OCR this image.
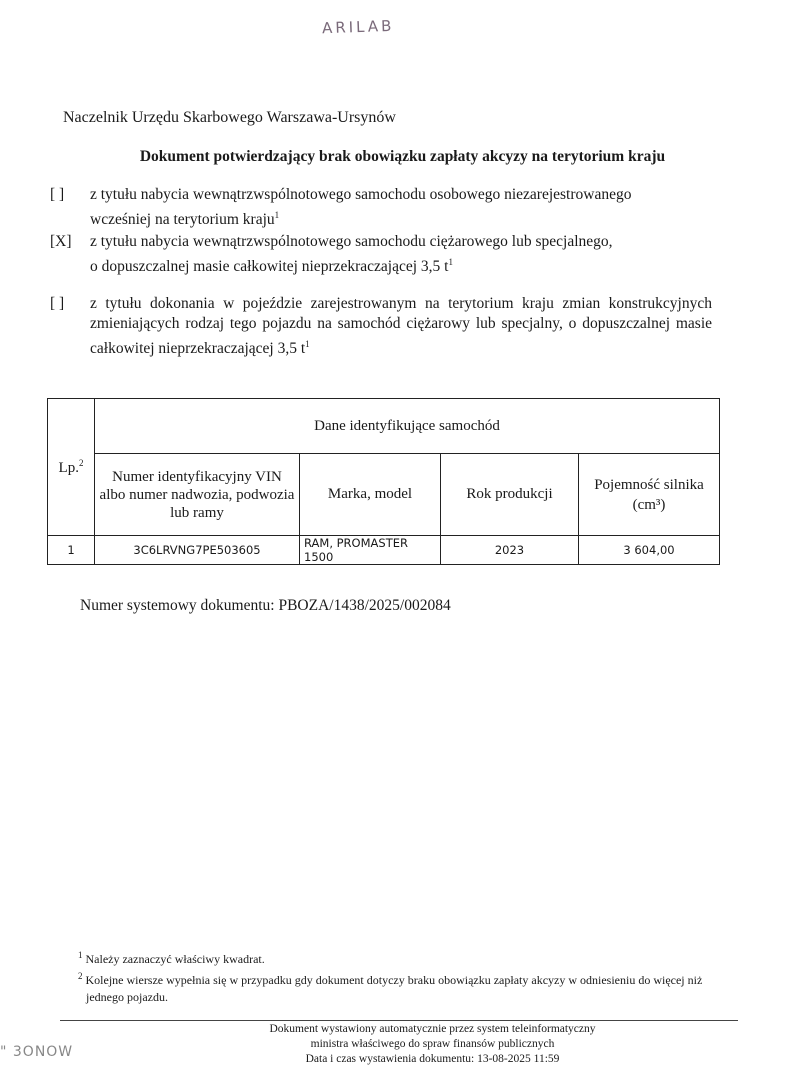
ARILAB
Naczelnik Urzędu Skarbowego Warszawa-Ursynów
Dokument potwierdzający brak obowiązku zapłaty akcyzy na terytorium kraju
[ ]	z tytułu nabycia wewnątrzwspólnotowego samochodu osobowego niezarejestrowanego
wcześniej na terytorium kraju$^1$
[X]	z tytułu nabycia wewnątrzwspólnotowego samochodu ciężarowego lub specjalnego,
o dopuszczalnej masie całkowitej nieprzekraczającej 3,5 $t^1$
[ ]	z tytułu dokonania w pojeździe zarejestrowanym na terytorium kraju zmian konstrukcyjnych zmieniających rodzaj tego pojazdu na samochód ciężarowy lub specjalny, o dopuszczalnej masie całkowitej nieprzekraczającej 3,5 $t^1$
Lp.$^2$	Dane identyfikujące samochód			
	Numer identyfikacyjny VIN albo numer nadwozia, podwozia lub ramy	Marka, model	Rok produkcji	Pojemność silnika
(cm³)
1	3C6LRVNG7PE503605	RAM, PROMASTER 1500	2023	3 604,00
Numer systemowy dokumentu: PBOZA/1438/2025/002084
$^1$ Należy zaznaczyć właściwy kwadrat.
$^2$ Kolejne wiersze wypełnia się w przypadku gdy dokument dotyczy braku obowiązku zapłaty akcyzy w odniesieniu do więcej niż jednego pojazdu.
Dokument wystawiony automatycznie przez system teleinformatyczny
ministra właściwego do spraw finansów publicznych
Data i czas wystawienia dokumentu: 13-08-2025 11:59
" 3ONOW
